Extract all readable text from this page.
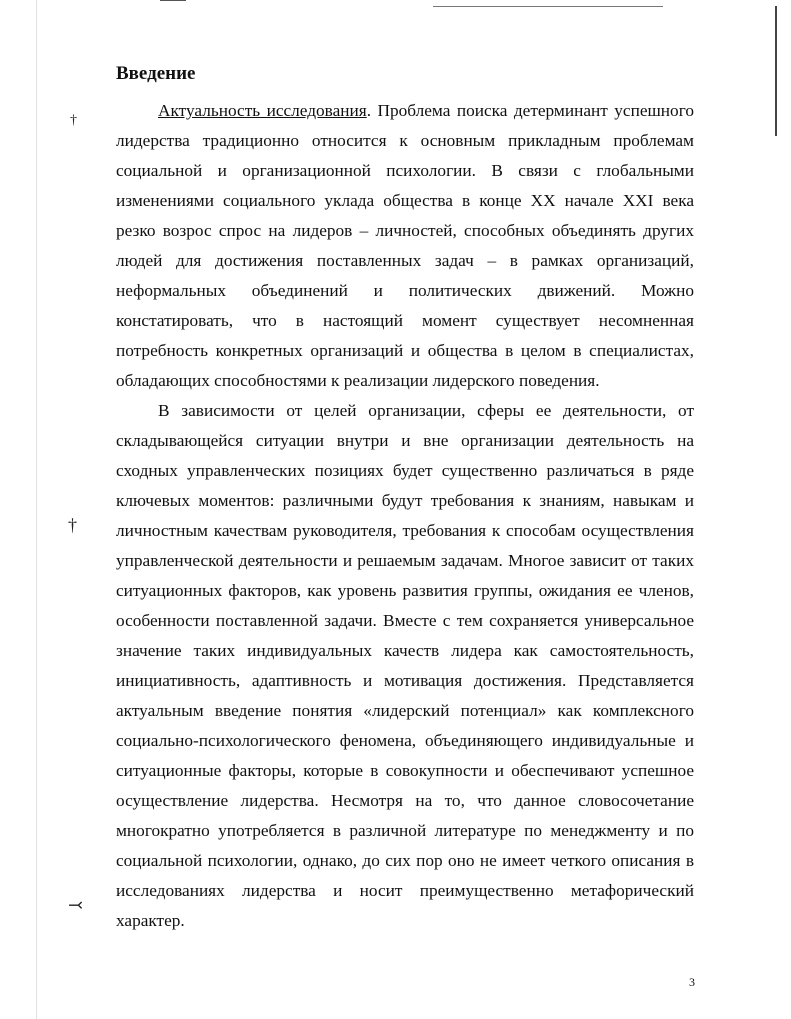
†
†
⤙
Введение

Актуальность исследования. Проблема поиска детерминант успешного лидерства традиционно относится к основным прикладным проблемам социальной и организационной психологии. В связи с глобальными изменениями социального уклада общества в конце XX начале XXI века резко возрос спрос на лидеров – личностей, способных объединять других людей для достижения поставленных задач – в рамках организаций, неформальных объединений и политических движений. Можно констатировать, что в настоящий момент существует несомненная потребность конкретных организаций и общества в целом в специалистах, обладающих способностями к реализации лидерского поведения.

В зависимости от целей организации, сферы ее деятельности, от складывающейся ситуации внутри и вне организации деятельность на сходных управленческих позициях будет существенно различаться в ряде ключевых моментов: различными будут требования к знаниям, навыкам и личностным качествам руководителя, требования к способам осуществления управленческой деятельности и решаемым задачам. Многое зависит от таких ситуационных факторов, как уровень развития группы, ожидания ее членов, особенности поставленной задачи. Вместе с тем сохраняется универсальное значение таких индивидуальных качеств лидера как самостоятельность, инициативность, адаптивность и мотивация достижения. Представляется актуальным введение понятия «лидерский потенциал» как комплексного социально-психологического феномена, объединяющего индивидуальные и ситуационные факторы, которые в совокупности и обеспечивают успешное осуществление лидерства. Несмотря на то, что данное словосочетание многократно употребляется в различной литературе по менеджменту и по социальной психологии, однако, до сих пор оно не имеет четкого описания в исследованиях лидерства и носит преимущественно метафорический характер.

3
